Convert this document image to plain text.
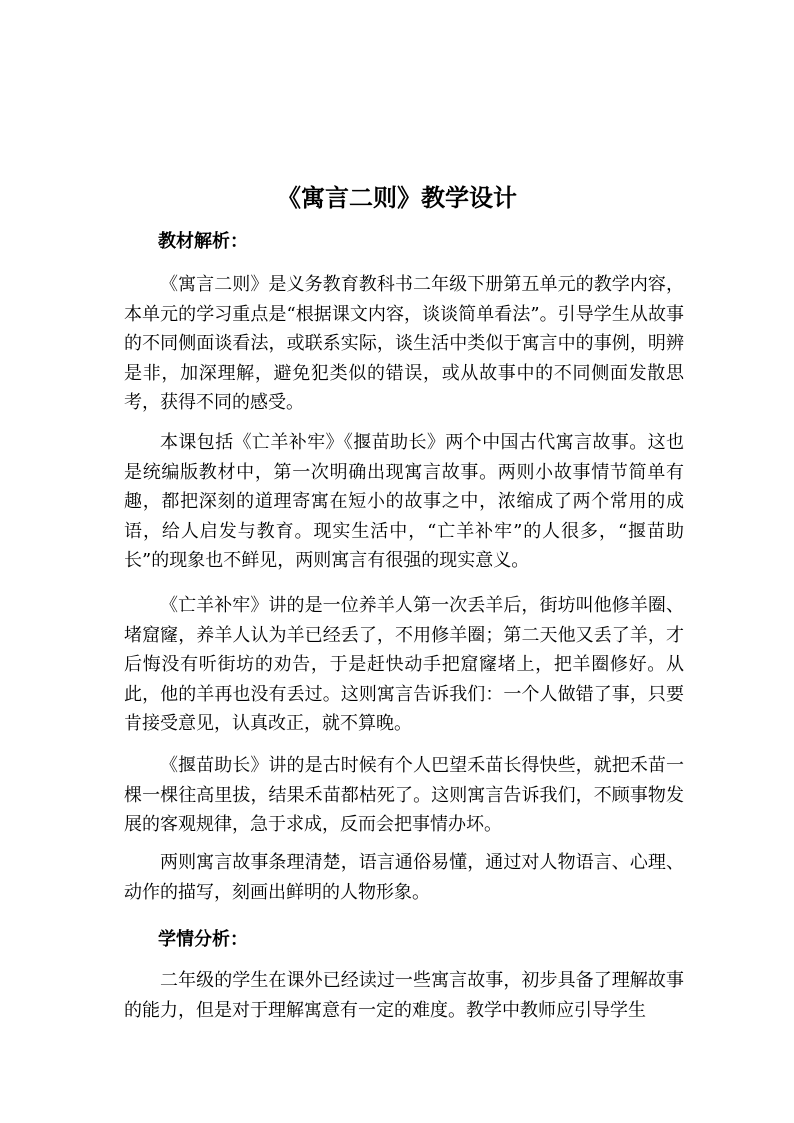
《寓言二则》教学设计
教材解析：

《寓言二则》是义务教育教科书二年级下册第五单元的教学内容，本单元的学习重点是“根据课文内容，谈谈简单看法”。引导学生从故事的不同侧面谈看法，或联系实际，谈生活中类似于寓言中的事例，明辨是非，加深理解，避免犯类似的错误，或从故事中的不同侧面发散思考，获得不同的感受。

本课包括《亡羊补牢》《揠苗助长》两个中国古代寓言故事。这也是统编版教材中，第一次明确出现寓言故事。两则小故事情节简单有趣，都把深刻的道理寄寓在短小的故事之中，浓缩成了两个常用的成语，给人启发与教育。现实生活中，“亡羊补牢”的人很多，“揠苗助长”的现象也不鲜见，两则寓言有很强的现实意义。

《亡羊补牢》讲的是一位养羊人第一次丢羊后，街坊叫他修羊圈、堵窟窿，养羊人认为羊已经丢了，不用修羊圈；第二天他又丢了羊，才后悔没有听街坊的劝告，于是赶快动手把窟窿堵上，把羊圈修好。从此，他的羊再也没有丢过。这则寓言告诉我们：一个人做错了事，只要肯接受意见，认真改正，就不算晚。

《揠苗助长》讲的是古时候有个人巴望禾苗长得快些，就把禾苗一棵一棵往高里拔，结果禾苗都枯死了。这则寓言告诉我们，不顾事物发展的客观规律，急于求成，反而会把事情办坏。

两则寓言故事条理清楚，语言通俗易懂，通过对人物语言、心理、动作的描写，刻画出鲜明的人物形象。

学情分析：

二年级的学生在课外已经读过一些寓言故事，初步具备了理解故事的能力，但是对于理解寓意有一定的难度。教学中教师应引导学生
